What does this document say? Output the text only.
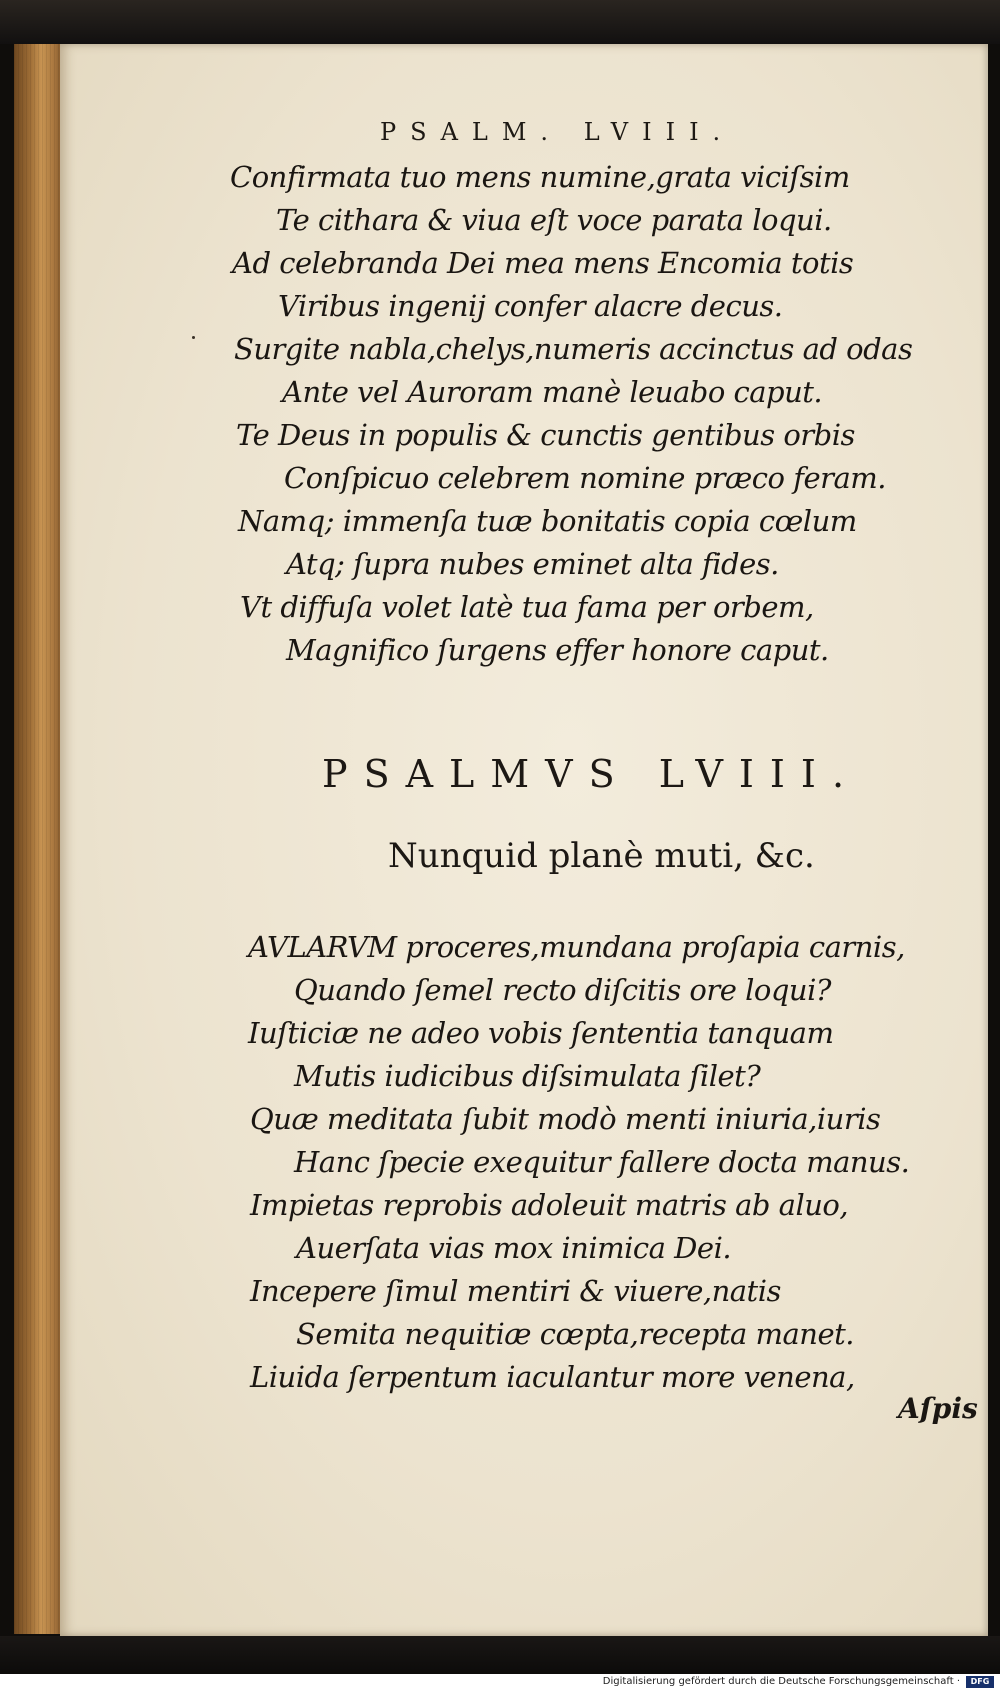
PSALM. LVIII.
Confirmata tuo mens numine,grata viciſsim
Te cithara & viua eſt voce parata loqui.
Ad celebranda Dei mea mens Encomia totis
Viribus ingenij confer alacre decus.
Surgite nabla,chelys,numeris accinctus ad odas
Ante vel Auroram manè leuabo caput.
Te Deus in populis & cunctis gentibus orbis
Conſpicuo celebrem nomine præco feram.
Namq; immenſa tuæ bonitatis copia cœlum
Atq; ſupra nubes eminet alta fides.
Vt diffuſa volet latè tua fama per orbem,
Magnifico ſurgens effer honore caput.
PSALMVS LVIII.
Nunquid planè muti, &c.
AVLARVM proceres,mundana proſapia carnis,
Quando ſemel recto diſcitis ore loqui?
Iuſticiæ ne adeo vobis ſententia tanquam
Mutis iudicibus diſsimulata ſilet?
Quæ meditata ſubit modò menti iniuria,iuris
Hanc ſpecie exequitur fallere docta manus.
Impietas reprobis adoleuit matris ab aluo,
Auerſata vias mox inimica Dei.
Incepere ſimul mentiri & viuere,natis
Semita nequitiæ cœpta,recepta manet.
Liuida ſerpentum iaculantur more venena,
Aſpis
Digitalisierung gefördert durch die Deutsche Forschungsgemeinschaft ·	DFG
